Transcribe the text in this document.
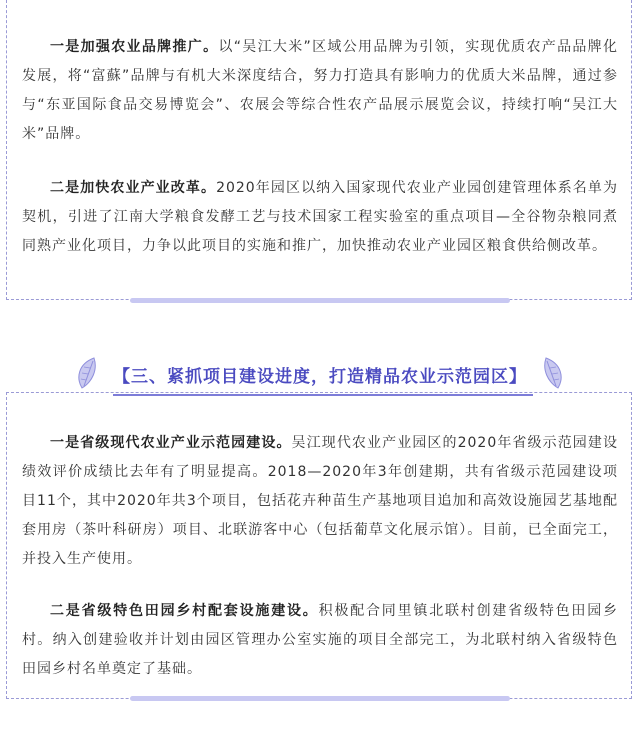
一是加强农业品牌推广。以“吴江大米”区域公用品牌为引领，实现优质农产品品牌化发展，将“富蘇”品牌与有机大米深度结合，努力打造具有影响力的优质大米品牌，通过参与“东亚国际食品交易博览会”、农展会等综合性农产品展示展览会议，持续打响“吴江大米”品牌。

二是加快农业产业改革。2020年园区以纳入国家现代农业产业园创建管理体系名单为契机，引进了江南大学粮食发酵工艺与技术国家工程实验室的重点项目—全谷物杂粮同煮同熟产业化项目，力争以此项目的实施和推广，加快推动农业产业园区粮食供给侧改革。

【三、紧抓项目建设进度，打造精品农业示范园区】

一是省级现代农业产业示范园建设。吴江现代农业产业园区的2020年省级示范园建设绩效评价成绩比去年有了明显提高。2018—2020年3年创建期，共有省级示范园建设项目11个，其中2020年共3个项目，包括花卉种苗生产基地项目追加和高效设施园艺基地配套用房（茶叶科研房）项目、北联游客中心（包括葡草文化展示馆）。目前，已全面完工，并投入生产使用。

二是省级特色田园乡村配套设施建设。积极配合同里镇北联村创建省级特色田园乡村。纳入创建验收并计划由园区管理办公室实施的项目全部完工，为北联村纳入省级特色田园乡村名单奠定了基础。
